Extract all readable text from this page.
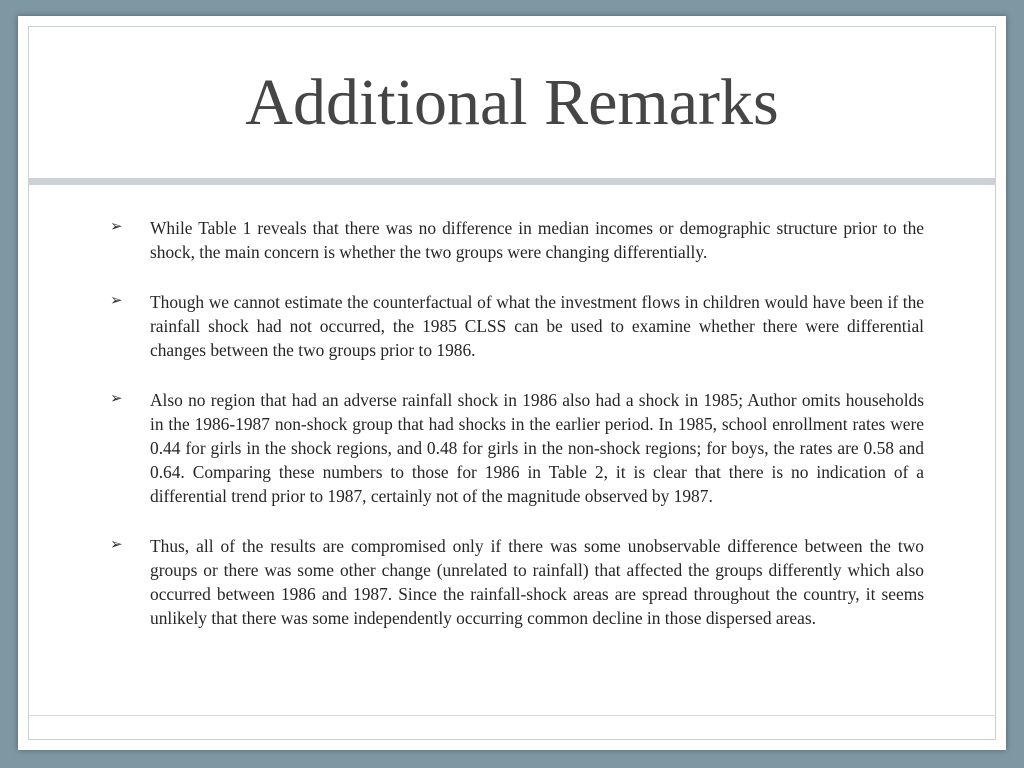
Additional Remarks
➢ While Table 1 reveals that there was no difference in median incomes or demographic structure prior to the shock, the main concern is whether the two groups were changing differentially.
➢ Though we cannot estimate the counterfactual of what the investment flows in children would have been if the rainfall shock had not occurred, the 1985 CLSS can be used to examine whether there were differential changes between the two groups prior to 1986.
➢ Also no region that had an adverse rainfall shock in 1986 also had a shock in 1985; Author omits households in the 1986-1987 non-shock group that had shocks in the earlier period. In 1985, school enrollment rates were 0.44 for girls in the shock regions, and 0.48 for girls in the non-shock regions; for boys, the rates are 0.58 and 0.64. Comparing these numbers to those for 1986 in Table 2, it is clear that there is no indication of a differential trend prior to 1987, certainly not of the magnitude observed by 1987.
➢ Thus, all of the results are compromised only if there was some unobservable difference between the two groups or there was some other change (unrelated to rainfall) that affected the groups differently which also occurred between 1986 and 1987. Since the rainfall-shock areas are spread throughout the country, it seems unlikely that there was some independently occurring common decline in those dispersed areas.
